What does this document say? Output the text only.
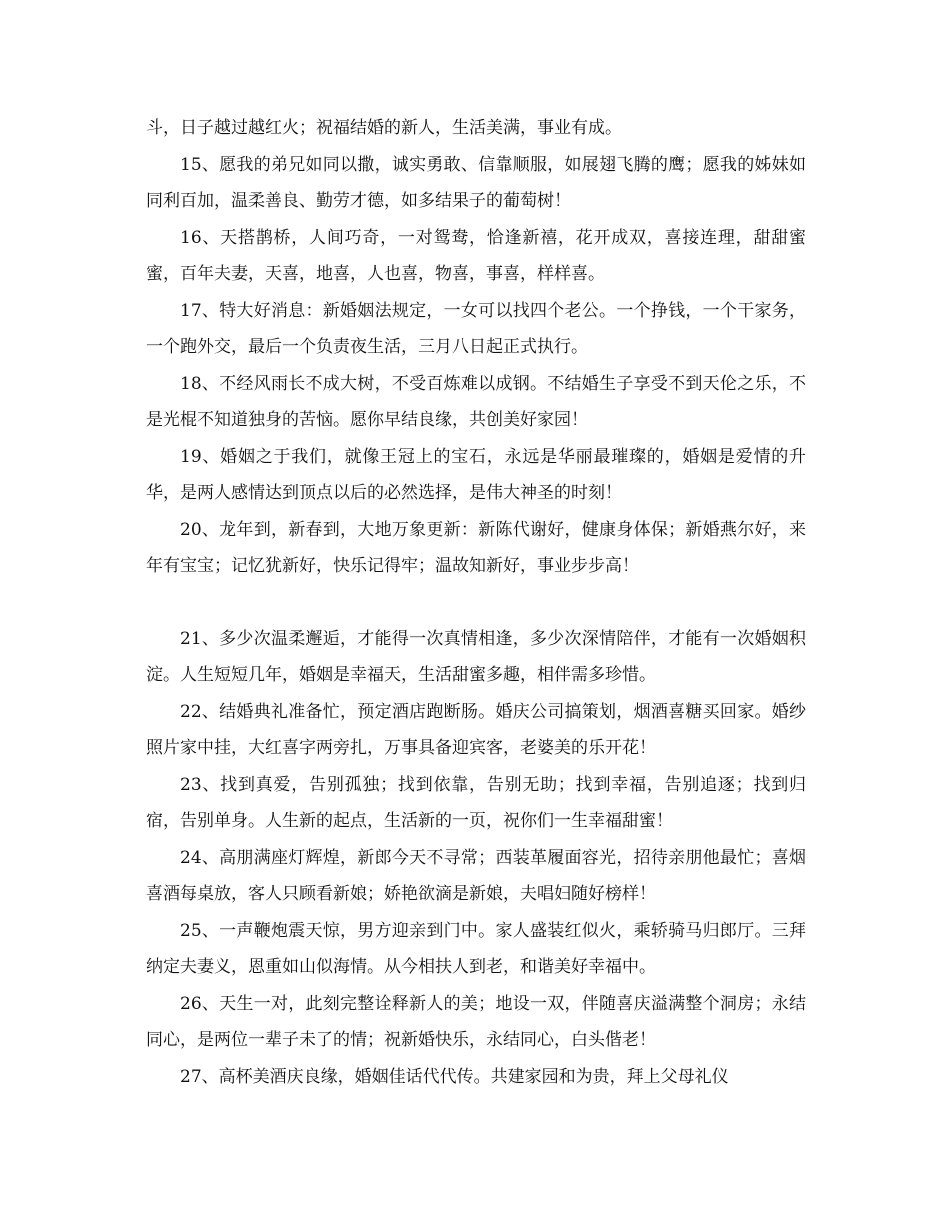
斗，日子越过越红火；祝福结婚的新人，生活美满，事业有成。

15、愿我的弟兄如同以撒，诚实勇敢、信靠顺服，如展翅飞腾的鹰；愿我的姊妹如同利百加，温柔善良、勤劳才德，如多结果子的葡萄树！

16、天搭鹊桥，人间巧奇，一对鸳鸯，恰逢新禧，花开成双，喜接连理，甜甜蜜蜜，百年夫妻，天喜，地喜，人也喜，物喜，事喜，样样喜。

17、特大好消息：新婚姻法规定，一女可以找四个老公。一个挣钱，一个干家务，一个跑外交，最后一个负责夜生活，三月八日起正式执行。

18、不经风雨长不成大树，不受百炼难以成钢。不结婚生子享受不到天伦之乐，不是光棍不知道独身的苦恼。愿你早结良缘，共创美好家园！

19、婚姻之于我们，就像王冠上的宝石，永远是华丽最璀璨的，婚姻是爱情的升华，是两人感情达到顶点以后的必然选择，是伟大神圣的时刻！

20、龙年到，新春到，大地万象更新：新陈代谢好，健康身体保；新婚燕尔好，来年有宝宝；记忆犹新好，快乐记得牢；温故知新好，事业步步高！

21、多少次温柔邂逅，才能得一次真情相逢，多少次深情陪伴，才能有一次婚姻积淀。人生短短几年，婚姻是幸福天，生活甜蜜多趣，相伴需多珍惜。

22、结婚典礼准备忙，预定酒店跑断肠。婚庆公司搞策划，烟酒喜糖买回家。婚纱照片家中挂，大红喜字两旁扎，万事具备迎宾客，老婆美的乐开花！

23、找到真爱，告别孤独；找到依靠，告别无助；找到幸福，告别追逐；找到归宿，告别单身。人生新的起点，生活新的一页，祝你们一生幸福甜蜜！

24、高朋满座灯辉煌，新郎今天不寻常；西装革履面容光，招待亲朋他最忙；喜烟喜酒每桌放，客人只顾看新娘；娇艳欲滴是新娘，夫唱妇随好榜样！

25、一声鞭炮震天惊，男方迎亲到门中。家人盛装红似火，乘轿骑马归郎厅。三拜纳定夫妻义，恩重如山似海情。从今相扶人到老，和谐美好幸福中。

26、天生一对，此刻完整诠释新人的美；地设一双，伴随喜庆溢满整个洞房；永结同心，是两位一辈子未了的情；祝新婚快乐，永结同心，白头偕老！

27、高杯美酒庆良缘，婚姻佳话代代传。共建家园和为贵，拜上父母礼仪
